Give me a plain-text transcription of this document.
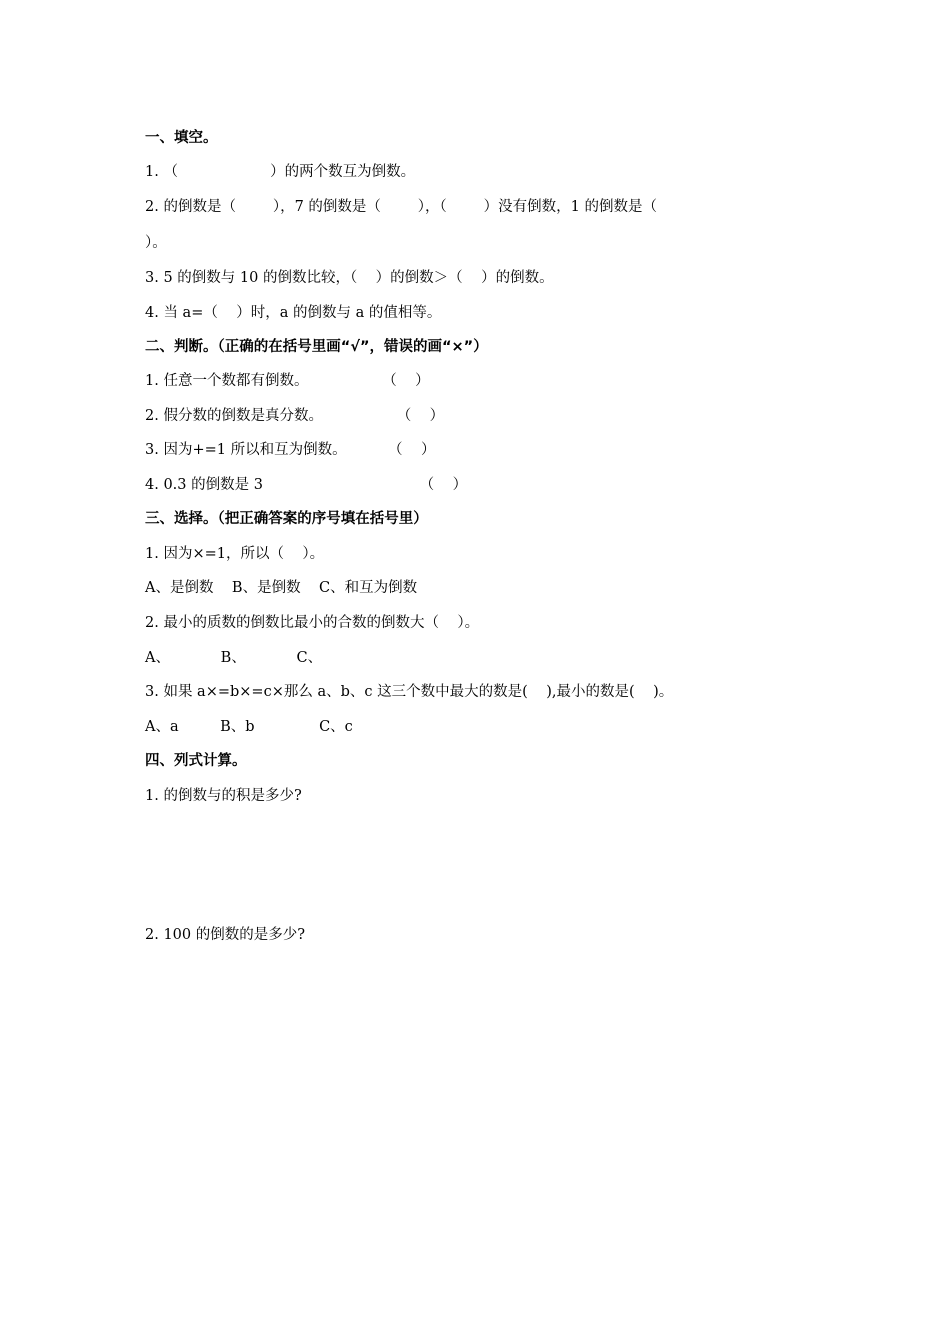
一、填空。
1. （                    ）的两个数互为倒数。
2. 的倒数是（        ），7 的倒数是（        ），（        ）没有倒数，1 的倒数是（
）。
3. 5 的倒数与 10 的倒数比较，（    ）的倒数＞（    ）的倒数。
4. 当 a=（    ）时，a 的倒数与 a 的值相等。
二、判断。（正确的在括号里画“√”，错误的画“×”）
1. 任意一个数都有倒数。                （    ）
2. 假分数的倒数是真分数。                （    ）
3. 因为+=1 所以和互为倒数。         （    ）
4. 0.3 的倒数是 3                                  （    ）
三、选择。（把正确答案的序号填在括号里）
1. 因为×=1，所以（    ）。
A、是倒数    B、是倒数    C、和互为倒数
2. 最小的质数的倒数比最小的合数的倒数大（    ）。
A、           B、           C、
3. 如果 a×=b×=c×那么 a、b、c 这三个数中最大的数是(    ),最小的数是(    )。
A、a         B、b              C、c
四、列式计算。
1. 的倒数与的积是多少?
2. 100 的倒数的是多少?
